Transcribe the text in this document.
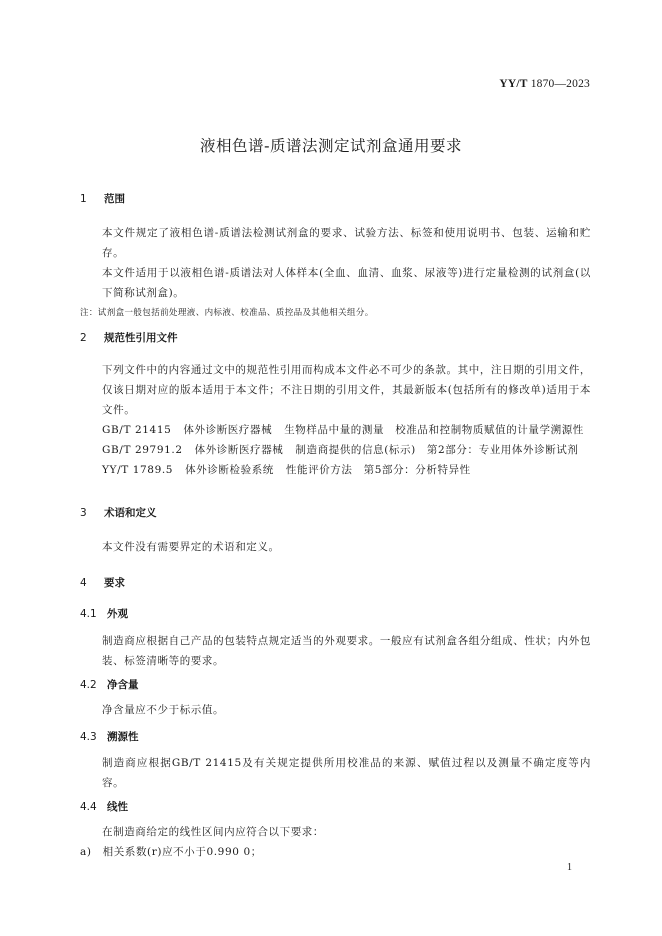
YY/T 1870—2023
液相色谱-质谱法测定试剂盒通用要求
1 范围
本文件规定了液相色谱-质谱法检测试剂盒的要求、试验方法、标签和使用说明书、包装、运输和贮存。
本文件适用于以液相色谱-质谱法对人体样本(全血、血清、血浆、尿液等)进行定量检测的试剂盒(以下简称试剂盒)。
注：试剂盒一般包括前处理液、内标液、校准品、质控品及其他相关组分。
2 规范性引用文件
下列文件中的内容通过文中的规范性引用而构成本文件必不可少的条款。其中，注日期的引用文件，仅该日期对应的版本适用于本文件；不注日期的引用文件，其最新版本(包括所有的修改单)适用于本文件。
GB/T 21415 体外诊断医疗器械 生物样品中量的测量　校准品和控制物质赋值的计量学溯源性
GB/T 29791.2 体外诊断医疗器械 制造商提供的信息(标示)　第2部分：专业用体外诊断试剂
YY/T 1789.5 体外诊断检验系统 性能评价方法　第5部分：分析特异性
3 术语和定义
本文件没有需要界定的术语和定义。
4 要求
4.1 外观
制造商应根据自己产品的包装特点规定适当的外观要求。一般应有试剂盒各组分组成、性状；内外包装、标签清晰等的要求。
4.2 净含量
净含量应不少于标示值。
4.3 溯源性
制造商应根据GB/T 21415及有关规定提供所用校准品的来源、赋值过程以及测量不确定度等内容。
4.4 线性
在制造商给定的线性区间内应符合以下要求：
a)　相关系数(r)应不小于0.990 0；
1
